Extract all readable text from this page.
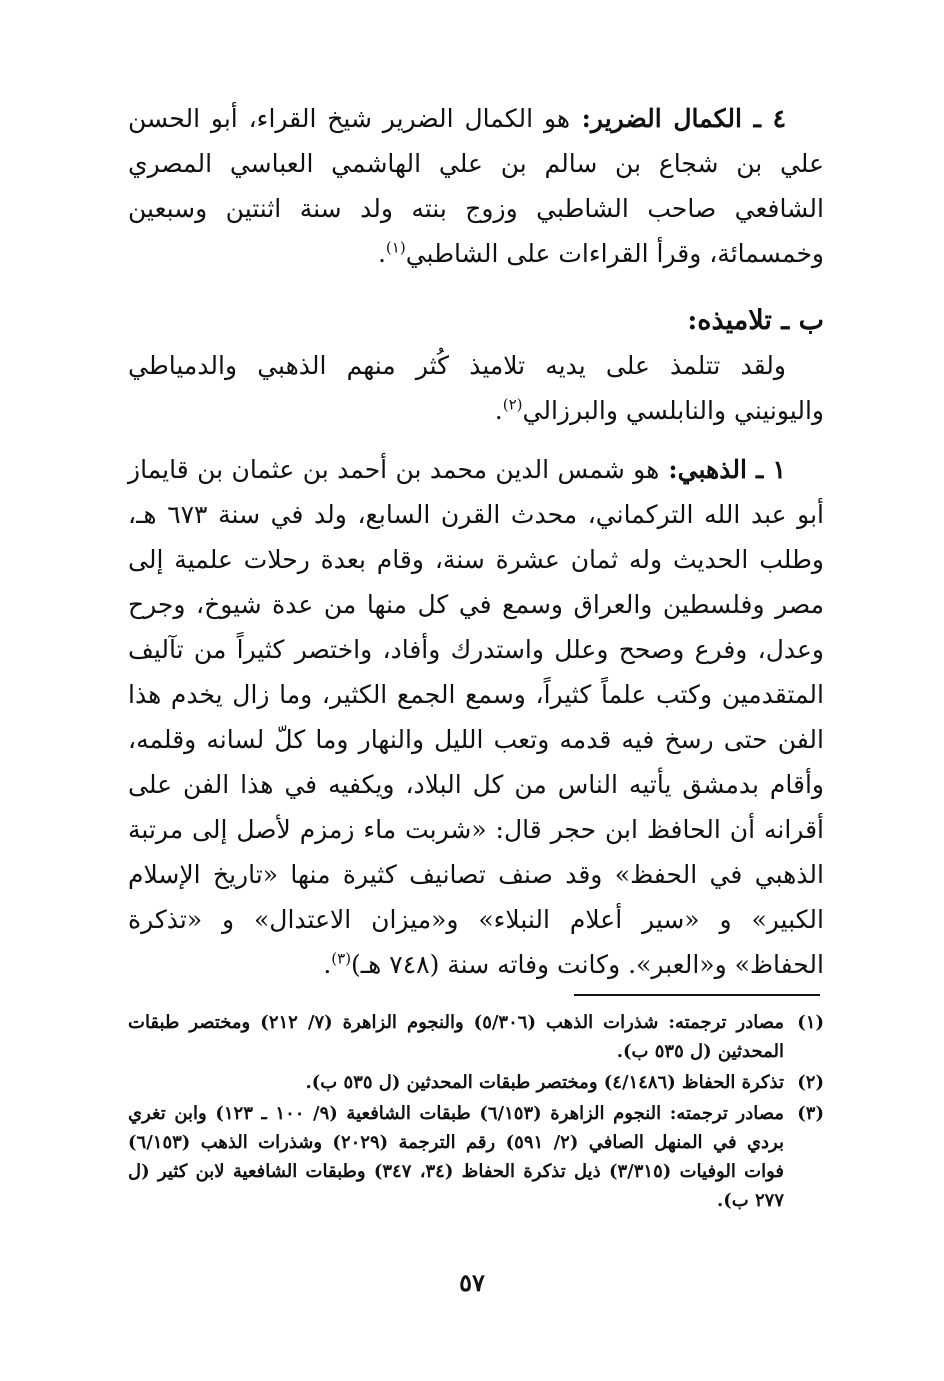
٤ ـ الكمال الضرير: هو الكمال الضرير شيخ القراء، أبو الحسن علي بن شجاع بن سالم بن علي الهاشمي العباسي المصري الشافعي صاحب الشاطبي وزوج بنته ولد سنة اثنتين وسبعين وخمسمائة، وقرأ القراءات على الشاطبي$^{(١)}$.

ب ـ تلاميذه:

ولقد تتلمذ على يديه تلاميذ كُثر منهم الذهبي والدمياطي واليونيني والنابلسي والبرزالي$^{(٢)}$.

١ ـ الذهبي: هو شمس الدين محمد بن أحمد بن عثمان بن قايماز أبو عبد الله التركماني، محدث القرن السابع، ولد في سنة ٦٧٣ هـ، وطلب الحديث وله ثمان عشرة سنة، وقام بعدة رحلات علمية إلى مصر وفلسطين والعراق وسمع في كل منها من عدة شيوخ، وجرح وعدل، وفرع وصحح وعلل واستدرك وأفاد، واختصر كثيراً من تآليف المتقدمين وكتب علماً كثيراً، وسمع الجمع الكثير، وما زال يخدم هذا الفن حتى رسخ فيه قدمه وتعب الليل والنهار وما كلّ لسانه وقلمه، وأقام بدمشق يأتيه الناس من كل البلاد، ويكفيه في هذا الفن على أقرانه أن الحافظ ابن حجر قال: «شربت ماء زمزم لأصل إلى مرتبة الذهبي في الحفظ» وقد صنف تصانيف كثيرة منها «تاريخ الإسلام الكبير» و «سير أعلام النبلاء» و«ميزان الاعتدال» و «تذكرة الحفاظ» و«العبر». وكانت وفاته سنة (٧٤٨ هـ)$^{(٣)}$.

(١)
مصادر ترجمته: شذرات الذهب (٥/٣٠٦) والنجوم الزاهرة (٧/ ٢١٢) ومختصر طبقات المحدثين (ل ٥٣٥ ب).
(٢)
تذكرة الحفاظ (٤/١٤٨٦) ومختصر طبقات المحدثين (ل ٥٣٥ ب).
(٣)
مصادر ترجمته: النجوم الزاهرة (٦/١٥٣) طبقات الشافعية (٩/ ١٠٠ ـ ١٢٣) وابن تغري بردي في المنهل الصافي (٢/ ٥٩١) رقم الترجمة (٢٠٢٩) وشذرات الذهب (٦/١٥٣) فوات الوفيات (٣/٣١٥) ذيل تذكرة الحفاظ (٣٤، ٣٤٧) وطبقات الشافعية لابن كثير (ل ٢٧٧ ب).
٥٧
